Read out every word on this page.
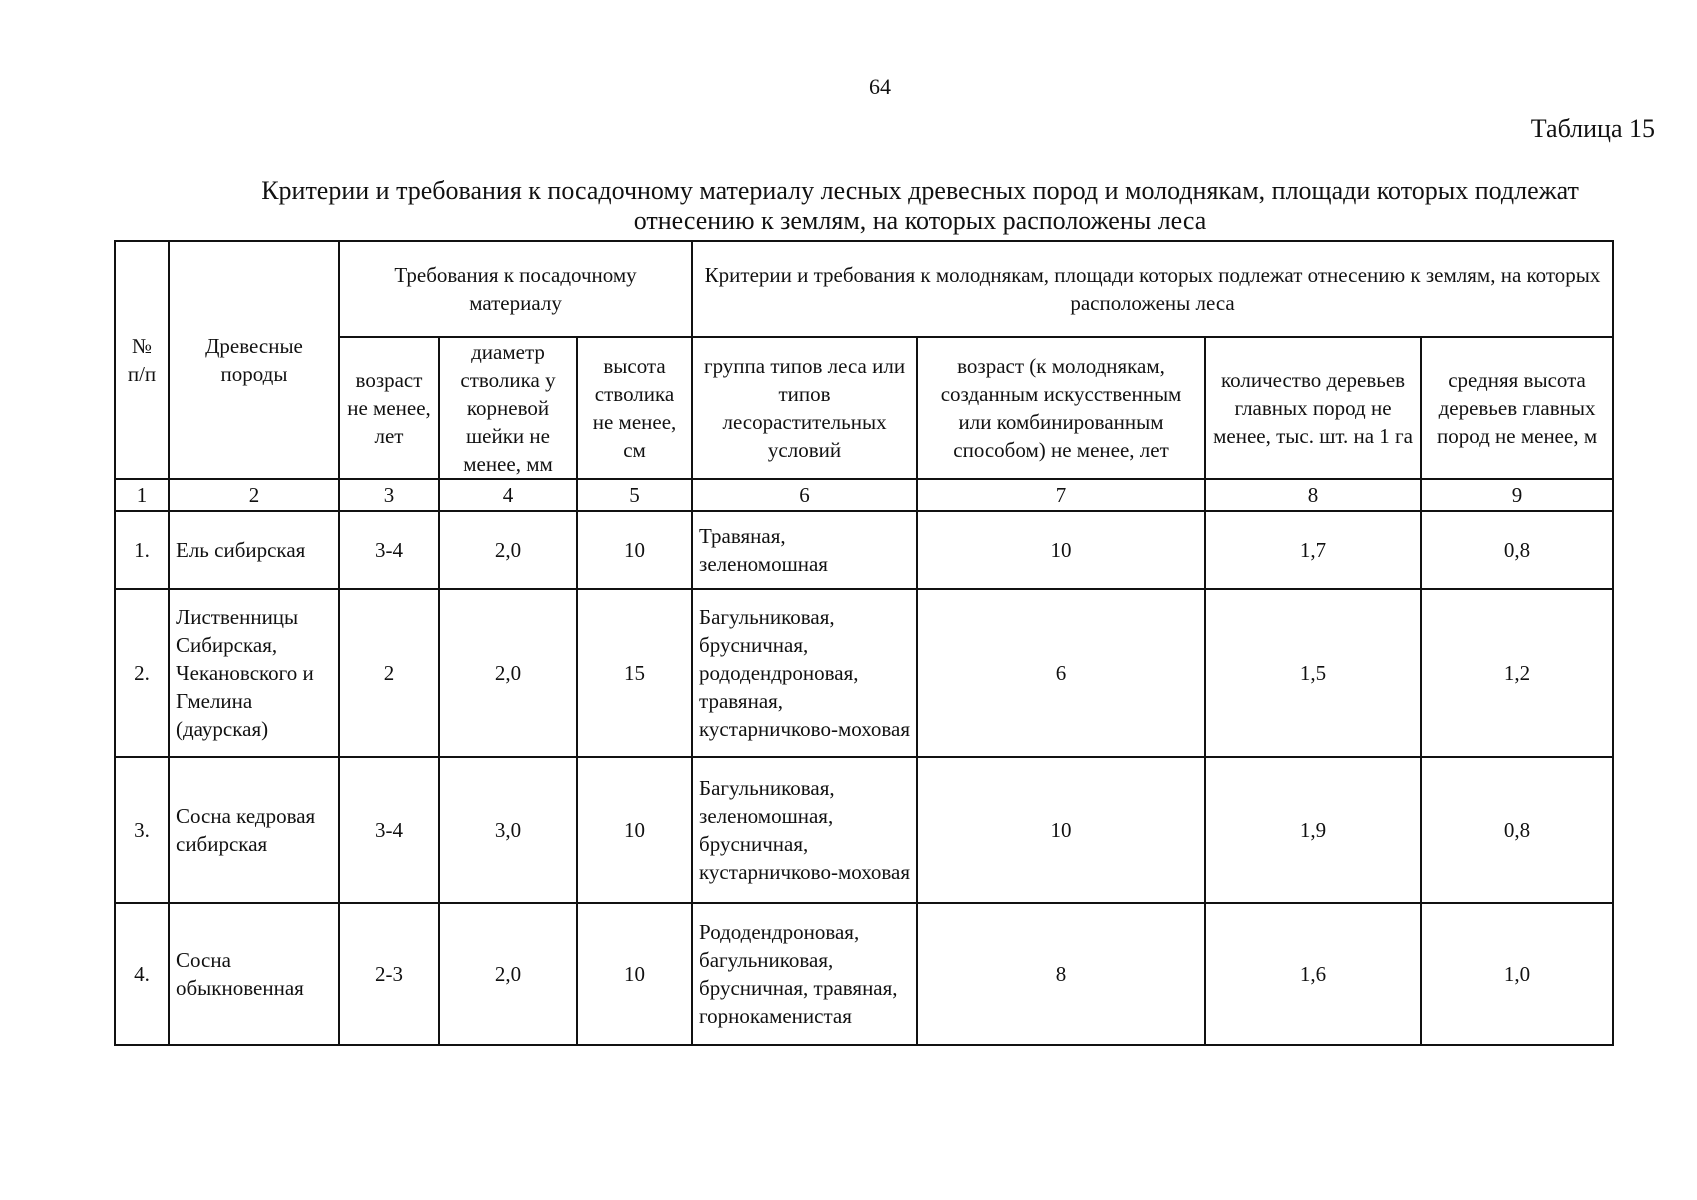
64
Таблица 15
Критерии и требования к посадочному материалу лесных древесных пород и молоднякам, площади которых подлежат
отнесению к землям, на которых расположены леса
№ п/п	Древесные породы	Требования к посадочному материалу			Критерии и требования к молоднякам, площади которых подлежат отнесению к землям, на которых расположены леса			
		возраст не менее, лет	диаметр стволика у корневой шейки не менее, мм	высота стволика не менее, см	группа типов леса или типов лесорастительных условий	возраст (к молоднякам, созданным искусственным или комбинированным способом) не менее, лет	количество деревьев главных пород не менее, тыс. шт. на 1 га	средняя высота деревьев главных пород не менее, м
1	2	3	4	5	6	7	8	9
1.	Ель сибирская	3-4	2,0	10	Травяная, зеленомошная	10	1,7	0,8
2.	Лиственницы Сибирская, Чекановского и Гмелина (даурская)	2	2,0	15	Багульниковая, брусничная, рододендроновая, травяная, кустарничково-моховая	6	1,5	1,2
3.	Сосна кедровая сибирская	3-4	3,0	10	Багульниковая, зеленомошная, брусничная, кустарничково-моховая	10	1,9	0,8
4.	Сосна обыкновенная	2-3	2,0	10	Рододендроновая, багульниковая, брусничная, травяная, горнокаменистая	8	1,6	1,0
